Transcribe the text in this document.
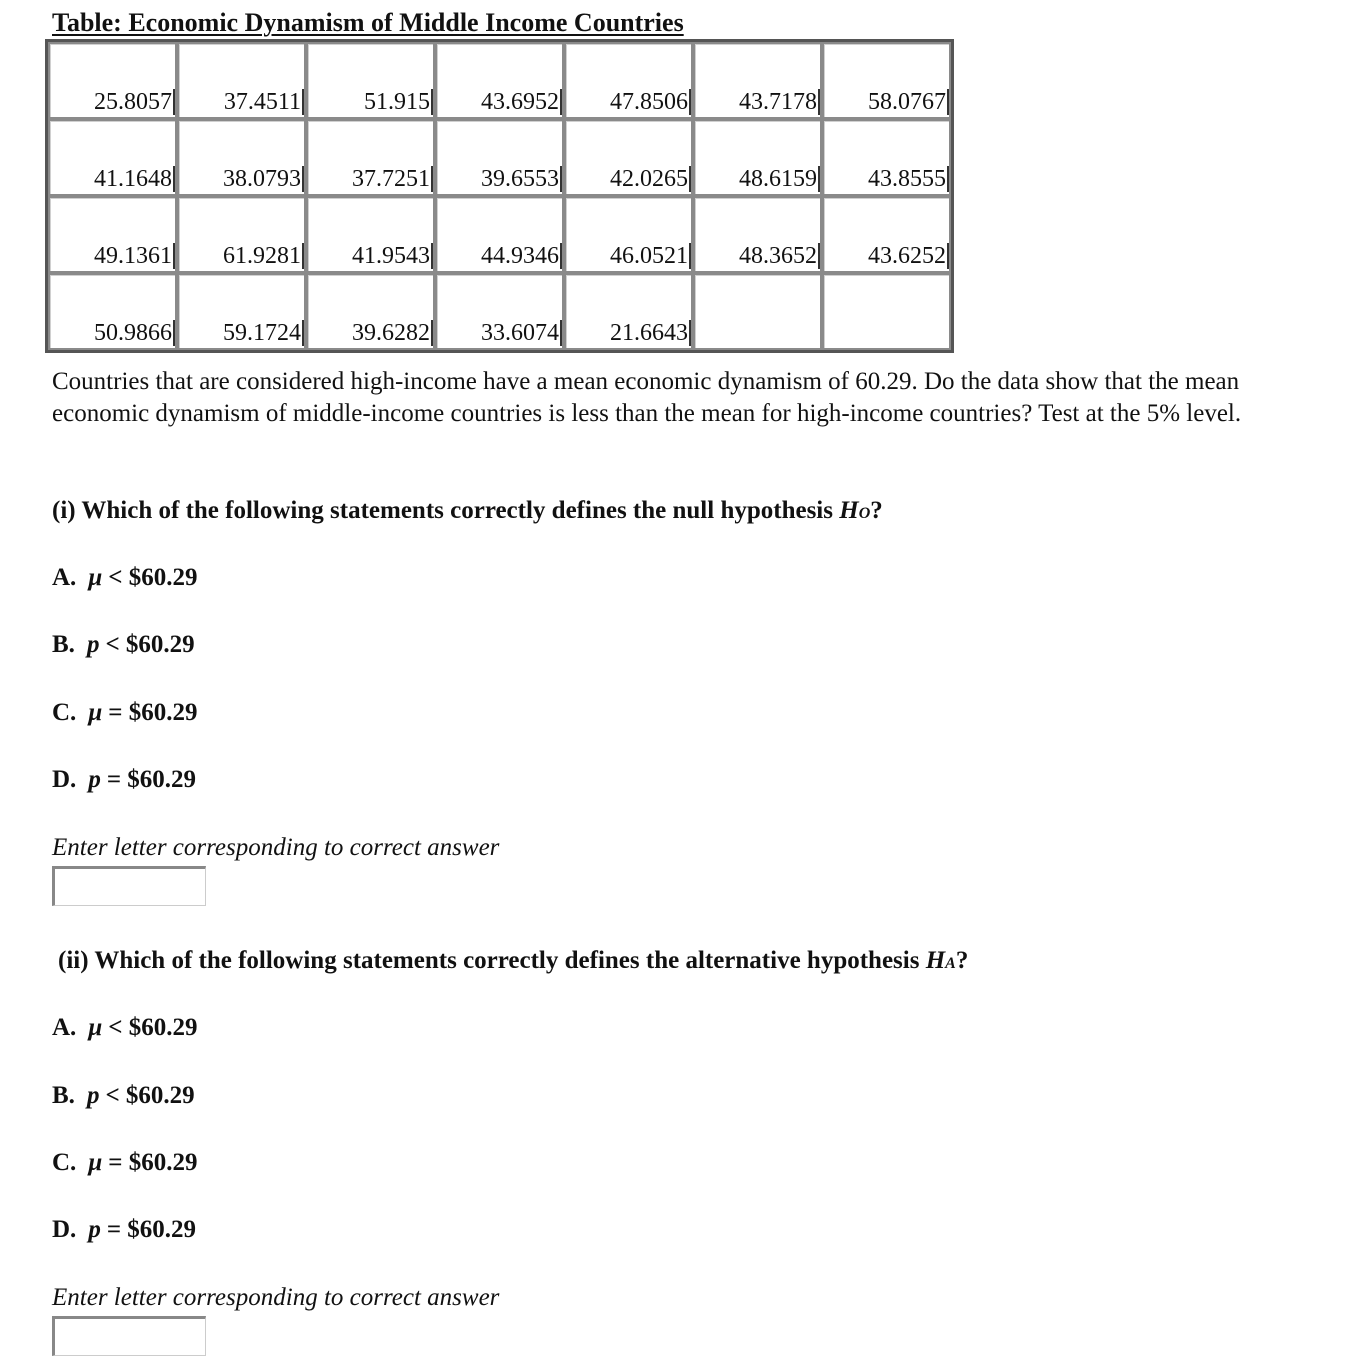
Table: Economic Dynamism of Middle Income Countries
25.8057	37.4511	51.915	43.6952	47.8506	43.7178	58.0767
41.1648	38.0793	37.7251	39.6553	42.0265	48.6159	43.8555
49.1361	61.9281	41.9543	44.9346	46.0521	48.3652	43.6252
50.9866	59.1724	39.6282	33.6074	21.6643		
Countries that are considered high-income have a mean economic dynamism of 60.29. Do the data show that the mean economic dynamism of middle-income countries is less than the mean for high-income countries? Test at the 5% level.
(i) Which of the following statements correctly defines the null hypothesis HO?
A. μ < $60.29
B. p < $60.29
C. μ = $60.29
D. p = $60.29
Enter letter corresponding to correct answer
(ii) Which of the following statements correctly defines the alternative hypothesis HA?
A. μ < $60.29
B. p < $60.29
C. μ = $60.29
D. p = $60.29
Enter letter corresponding to correct answer
